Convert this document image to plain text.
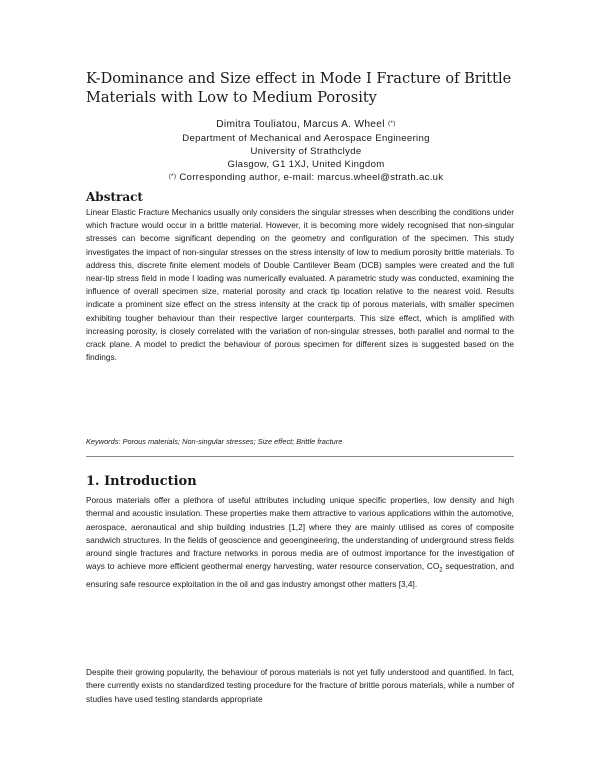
K-Dominance and Size effect in Mode I Fracture of Brittle Materials with Low to Medium Porosity
Dimitra Touliatou, Marcus A. Wheel (*)
Department of Mechanical and Aerospace Engineering
University of Strathclyde
Glasgow, G1 1XJ, United Kingdom
(*) Corresponding author, e-mail: marcus.wheel@strath.ac.uk
Abstract

Linear Elastic Fracture Mechanics usually only considers the singular stresses when describing the conditions under which fracture would occur in a brittle material. However, it is becoming more widely recognised that non-singular stresses can become significant depending on the geometry and configuration of the specimen. This study investigates the impact of non-singular stresses on the stress intensity of low to medium porosity brittle materials. To address this, discrete finite element models of Double Cantilever Beam (DCB) samples were created and the full near-tip stress field in mode I loading was numerically evaluated. A parametric study was conducted, examining the influence of overall specimen size, material porosity and crack tip location relative to the nearest void. Results indicate a prominent size effect on the stress intensity at the crack tip of porous materials, with smaller specimen exhibiting tougher behaviour than their respective larger counterparts. This size effect, which is amplified with increasing porosity, is closely correlated with the variation of non-singular stresses, both parallel and normal to the crack plane. A model to predict the behaviour of porous specimen for different sizes is suggested based on the findings.

Keywords: Porous materials; Non-singular stresses; Size effect; Brittle fracture

1. Introduction

Porous materials offer a plethora of useful attributes including unique specific properties, low density and high thermal and acoustic insulation. These properties make them attractive to various applications within the automotive, aerospace, aeronautical and ship building industries [1,2] where they are mainly utilised as cores of composite sandwich structures. In the fields of geoscience and geoengineering, the understanding of underground stress fields around single fractures and fracture networks in porous media are of outmost importance for the investigation of ways to achieve more efficient geothermal energy harvesting, water resource conservation, $CO_2$ sequestration, and ensuring safe resource exploitation in the oil and gas industry amongst other matters [3,4].

Despite their growing popularity, the behaviour of porous materials is not yet fully understood and quantified. In fact, there currently exists no standardized testing procedure for the fracture of brittle porous materials, while a number of studies have used testing standards appropriate
